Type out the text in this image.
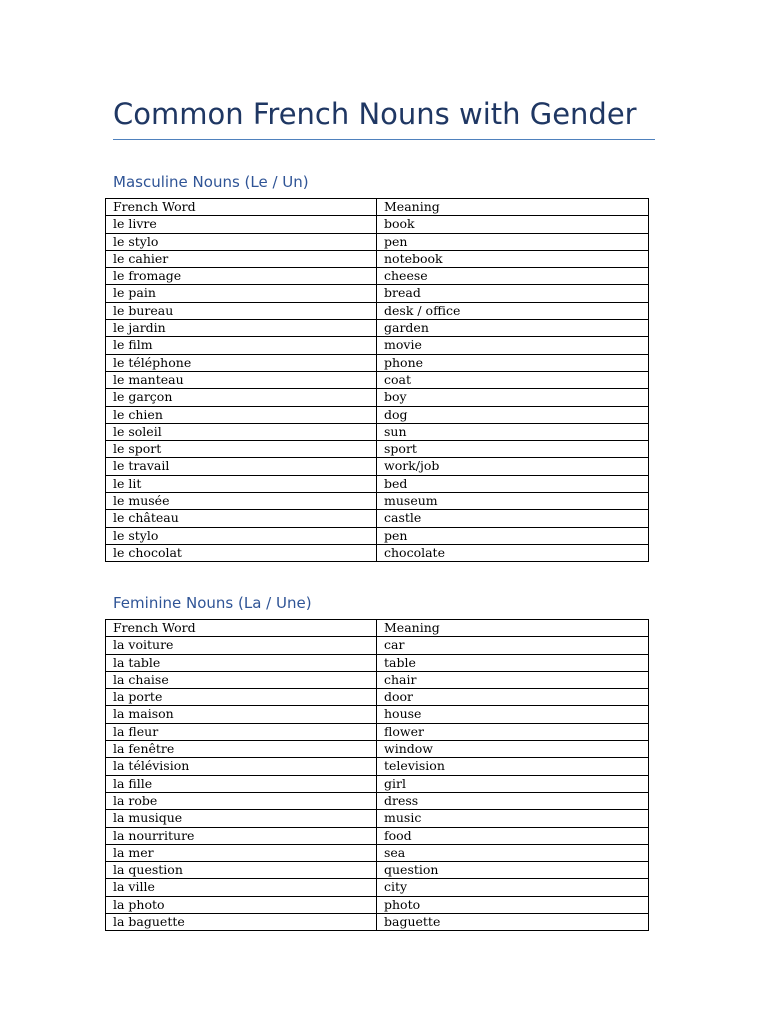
Common French Nouns with Gender
Masculine Nouns (Le / Un)
French Word	Meaning
le livre	book
le stylo	pen
le cahier	notebook
le fromage	cheese
le pain	bread
le bureau	desk / office
le jardin	garden
le film	movie
le téléphone	phone
le manteau	coat
le garçon	boy
le chien	dog
le soleil	sun
le sport	sport
le travail	work/job
le lit	bed
le musée	museum
le château	castle
le stylo	pen
le chocolat	chocolate
Feminine Nouns (La / Une)
French Word	Meaning
la voiture	car
la table	table
la chaise	chair
la porte	door
la maison	house
la fleur	flower
la fenêtre	window
la télévision	television
la fille	girl
la robe	dress
la musique	music
la nourriture	food
la mer	sea
la question	question
la ville	city
la photo	photo
la baguette	baguette
